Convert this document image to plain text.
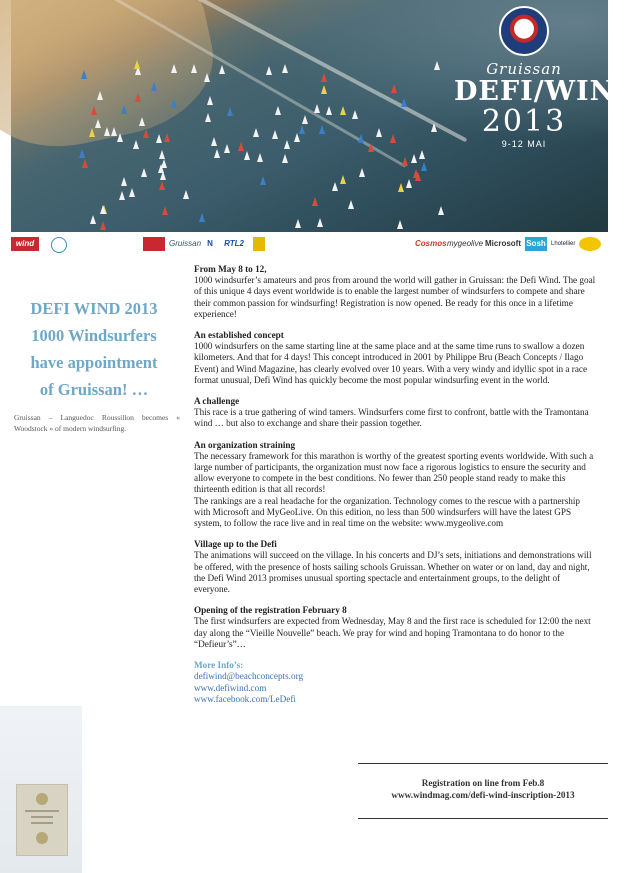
Gruissan
DEFI/WIND
2013
9-12 MAI
wind	Gruissan N	RTL2	Cosmos mygeolive Microsoft Sosh Lhotellier
DEFI WIND 2013
1000 Windsurfers
have appointment
of Gruissan! …

Gruissan – Languedoc Roussillon becomes « Woodstock » of modern windsurfing.

From May 8 to 12,

1000 windsurfer’s amateurs and pros from around the world will gather in Gruissan: the Defi Wind. The goal of this unique 4 days event worldwide is to enable the largest number of windsurfers to compete and share their common passion for windsurfing! Registration is now opened. Be ready for this once in a lifetime experience!

An established concept

1000 windsurfers on the same starting line at the same place and at the same time runs to swallow a dozen kilometers. And that for 4 days! This concept introduced in 2001 by Philippe Bru (Beach Concepts / Ilago Event) and Wind Magazine, has clearly evolved over 10 years. With a very windy and idyllic spot in a race format unusual, Defi Wind has quickly become the most popular windsurfing event in the world.

A challenge

This race is a true gathering of wind tamers. Windsurfers come first to confront, battle with the Tramontana wind … but also to exchange and share their passion together.

An organization straining

The necessary framework for this marathon is worthy of the greatest sporting events worldwide. With such a large number of participants, the organization must now face a rigorous logistics to ensure the security and allow everyone to compete in the best conditions. No fewer than 250 people stand ready to make this thirteenth edition is that all records!

The rankings are a real headache for the organization. Technology comes to the rescue with a partnership with Microsoft and MyGeoLive. On this edition, no less than 500 windsurfers will have the latest GPS system, to follow the race live and in real time on the website: www.mygeolive.com

Village up to the Defi

The animations will succeed on the village. In his concerts and DJ’s sets, initiations and demonstrations will be offered, with the presence of hosts sailing schools Gruissan. Whether on water or on land, day and night, the Defi Wind 2013 promises unusual sporting spectacle and entertainment groups, to the delight of everyone.

Opening of the registration February 8

The first windsurfers are expected from Wednesday, May 8 and the first race is scheduled for 12:00 the next day along the “Vieille Nouvelle” beach. We pray for wind and hoping Tramontana to do honor to the “Defieur’s”…

More Info’s:
defiwind@beachconcepts.org
www.defiwind.com
www.facebook.com/LeDefi

Registration on line from Feb.8

www.windmag.com/defi-wind-inscription-2013
